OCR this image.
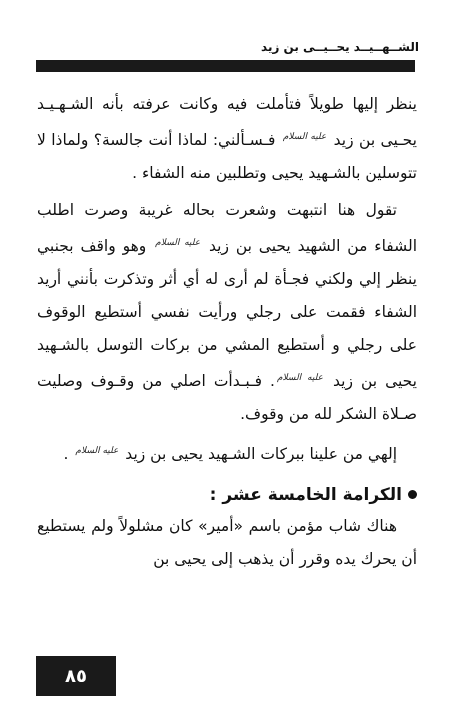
الشــهــيــد يحــيــى بن زيد

ينظر إليها طويلاً فتأملت فيه وكانت عرفته بأنه الشـهـيـد يحـيى بن زيد $^{عليه السلام}$ فـسـألني: لماذا أنت جالسة؟ ولماذا لا تتوسلين بالشـهيد يحيى وتطلبين منه الشفاء .

تقول هنا انتبهت وشعرت بحاله غريبة وصرت اطلب الشفاء من الشهيد يحيى بن زيد $^{عليه السلام}$ وهو واقف بجنبي ينظر إلي ولكني فجـأة لم أرى له أي أثر وتذكرت بأنني أريد الشفاء فقمت على رجلي ورأيت نفسي أستطيع الوقوف على رجلي و أستطيع المشي من بركات التوسل بالشـهيد يحيى بن زيد $^{عليه السلام}$. فـبـدأت اصلي من وقـوف وصليت صـلاة الشكر لله من وقوف.

إلهي من علينا ببركات الشـهيد يحيى بن زيد $^{عليه السلام}$ .

الكرامة الخامسة عشر :

هناك شاب مؤمن باسم «أمير» كان مشلولاً ولم يستطيع أن يحرك يده وقرر أن يذهب إلى يحيى بن

٨٥
